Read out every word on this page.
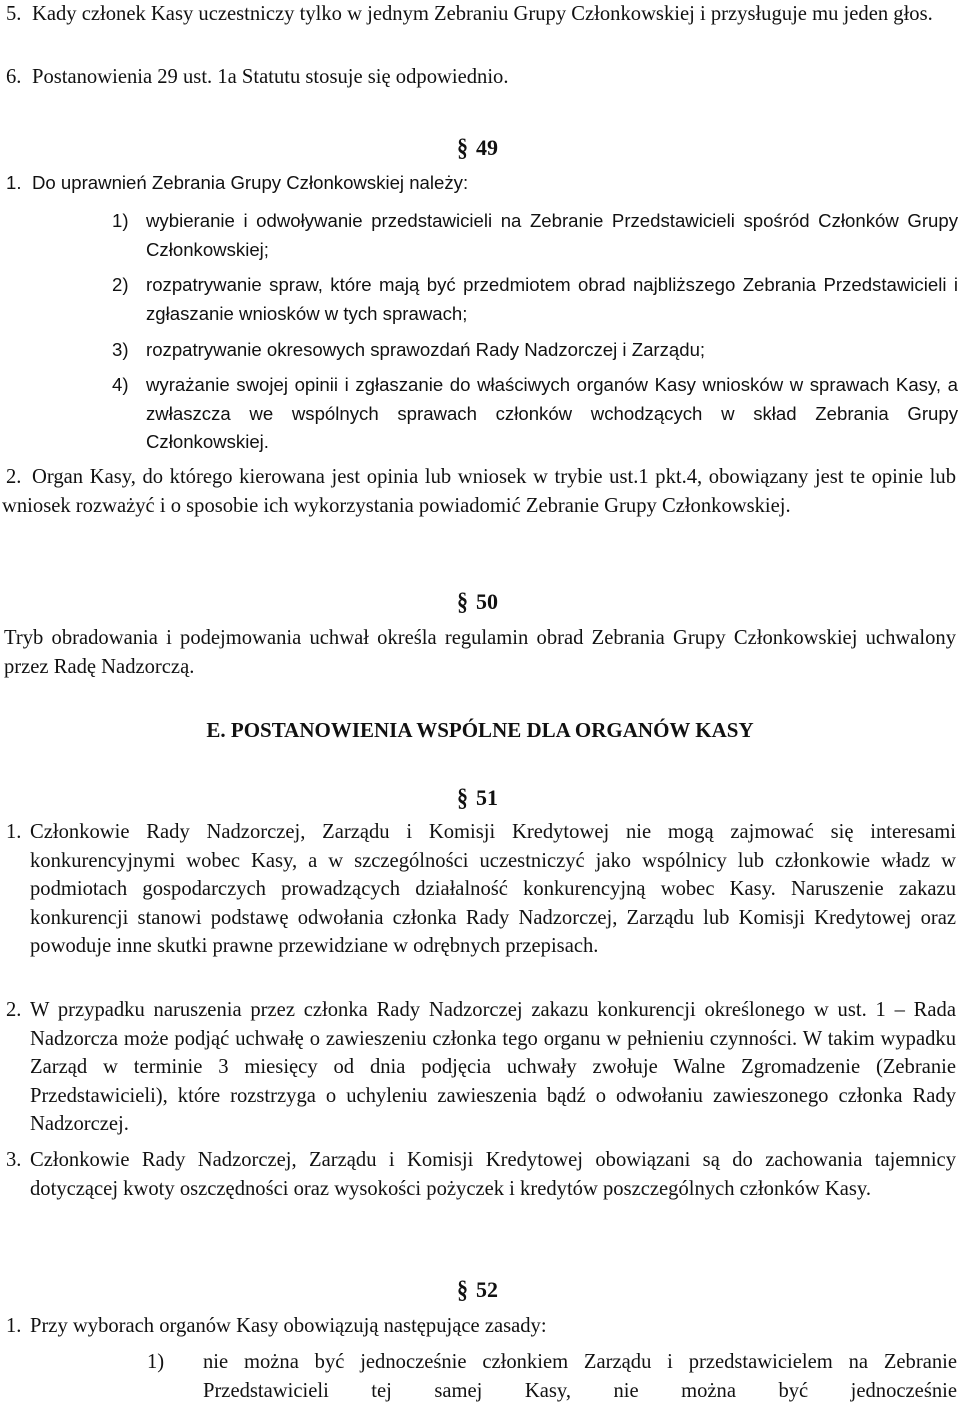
5. Kady członek Kasy uczestniczy tylko w jednym Zebraniu Grupy Członkowskiej i przysługuje mu jeden głos.
6. Postanowienia 29 ust. 1a Statutu stosuje się odpowiednio.
§ 49
1. Do uprawnień Zebrania Grupy Członkowskiej należy:
1) wybieranie i odwoływanie przedstawicieli na Zebranie Przedstawicieli spośród Członków Grupy Członkowskiej;
2) rozpatrywanie spraw, które mają być przedmiotem obrad najbliższego Zebrania Przedstawicieli i zgłaszanie wniosków w tych sprawach;
3) rozpatrywanie okresowych sprawozdań Rady Nadzorczej i Zarządu;
4) wyrażanie swojej opinii i zgłaszanie do właściwych organów Kasy wniosków w sprawach Kasy, a zwłaszcza we wspólnych sprawach członków wchodzących w skład Zebrania Grupy Członkowskiej.
2. Organ Kasy, do którego kierowana jest opinia lub wniosek w trybie ust.1 pkt.4, obowiązany jest te opinie lub wniosek rozważyć i o sposobie ich wykorzystania powiadomić Zebranie Grupy Członkowskiej.
§ 50

Tryb obradowania i podejmowania uchwał określa regulamin obrad Zebrania Grupy Członkowskiej uchwalony przez Radę Nadzorczą.

E. POSTANOWIENIA WSPÓLNE DLA ORGANÓW KASY
§ 51
1. Członkowie Rady Nadzorczej, Zarządu i Komisji Kredytowej nie mogą zajmować się interesami konkurencyjnymi wobec Kasy, a w szczególności uczestniczyć jako wspólnicy lub członkowie władz w podmiotach gospodarczych prowadzących działalność konkurencyjną wobec Kasy. Naruszenie zakazu konkurencji stanowi podstawę odwołania członka Rady Nadzorczej, Zarządu lub Komisji Kredytowej oraz powoduje inne skutki prawne przewidziane w odrębnych przepisach.
2. W przypadku naruszenia przez członka Rady Nadzorczej zakazu konkurencji określonego w ust. 1 – Rada Nadzorcza może podjąć uchwałę o zawieszeniu członka tego organu w pełnieniu czynności. W takim wypadku Zarząd w terminie 3 miesięcy od dnia podjęcia uchwały zwołuje Walne Zgromadzenie (Zebranie Przedstawicieli), które rozstrzyga o uchyleniu zawieszenia bądź o odwołaniu zawieszonego członka Rady Nadzorczej.
3. Członkowie Rady Nadzorczej, Zarządu i Komisji Kredytowej obowiązani są do zachowania tajemnicy dotyczącej kwoty oszczędności oraz wysokości pożyczek i kredytów poszczególnych członków Kasy.
§ 52
1. Przy wyborach organów Kasy obowiązują następujące zasady:
1)	nie można być jednocześnie członkiem Zarządu i przedstawicielem na Zebranie Przedstawicieli tej samej Kasy, nie można być jednocześnie
